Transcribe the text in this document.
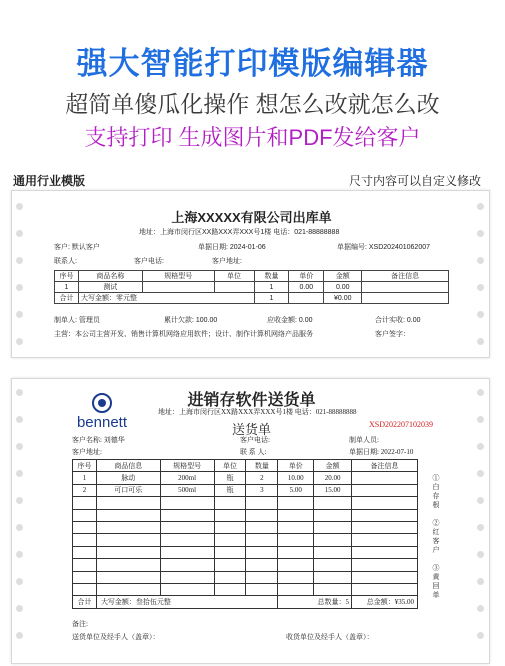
强大智能打印模版编辑器
超简单傻瓜化操作 想怎么改就怎么改
支持打印 生成图片和PDF发给客户
通用行业模版	尺寸内容可以自定义修改
上海XXXXX有限公司出库单
地址：上海市闵行区XX路XXX弄XXX号1楼 电话：021-88888888
客户: 默认客户	单据日期: 2024-01-06	单据编号: XSD202401062007
联系人:	客户电话:	客户地址:
序号	商品名称	规格型号	单位	数量	单价	金额	备注信息
1	测试			1	0.00	0.00	
合计	大写金额：零元整			1		¥0.00	
制单人: 管理员	累计欠款: 100.00	应收金额: 0.00	合计实收: 0.00
主营：本公司主营开发、销售计算机网络应用软件；设计、制作计算机网络产品服务	客户签字：
bennett
进销存软件送货单
地址：上海市闵行区XX路XXX弄XXX号1楼 电话：021-88888888
XSD202207102039
送货单
客户名称: 刘德华	客户电话:	制单人员:
客户地址:	联 系 人:	单据日期: 2022-07-10
序号	商品信息	规格型号	单位	数量	单价	金额	备注信息
1	脉动	200ml	瓶	2	10.00	20.00	
2	可口可乐	500ml	瓶	3	5.00	15.00	

合计	大写金额：叁拾伍元整				总数量：5		总金额：¥35.00
①白存根
②红客户
③黄回单
备注:
送货单位及经手人（盖章）：	收货单位及经手人（盖章）：
